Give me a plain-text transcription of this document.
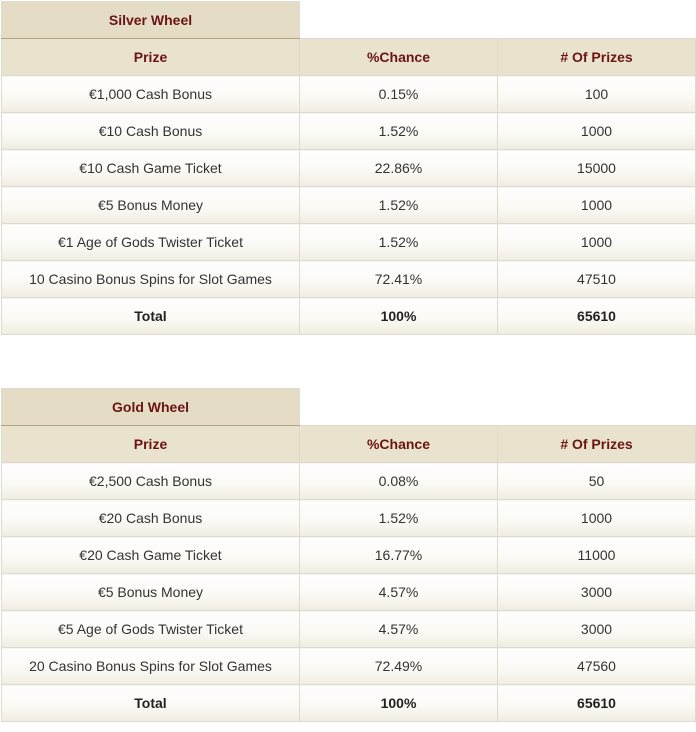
Silver Wheel		
Prize	%Chance	# Of Prizes
€1,000 Cash Bonus	0.15%	100
€10 Cash Bonus	1.52%	1000
€10 Cash Game Ticket	22.86%	15000
€5 Bonus Money	1.52%	1000
€1 Age of Gods Twister Ticket	1.52%	1000
10 Casino Bonus Spins for Slot Games	72.41%	47510
Total	100%	65610
Gold Wheel		
Prize	%Chance	# Of Prizes
€2,500 Cash Bonus	0.08%	50
€20 Cash Bonus	1.52%	1000
€20 Cash Game Ticket	16.77%	11000
€5 Bonus Money	4.57%	3000
€5 Age of Gods Twister Ticket	4.57%	3000
20 Casino Bonus Spins for Slot Games	72.49%	47560
Total	100%	65610
